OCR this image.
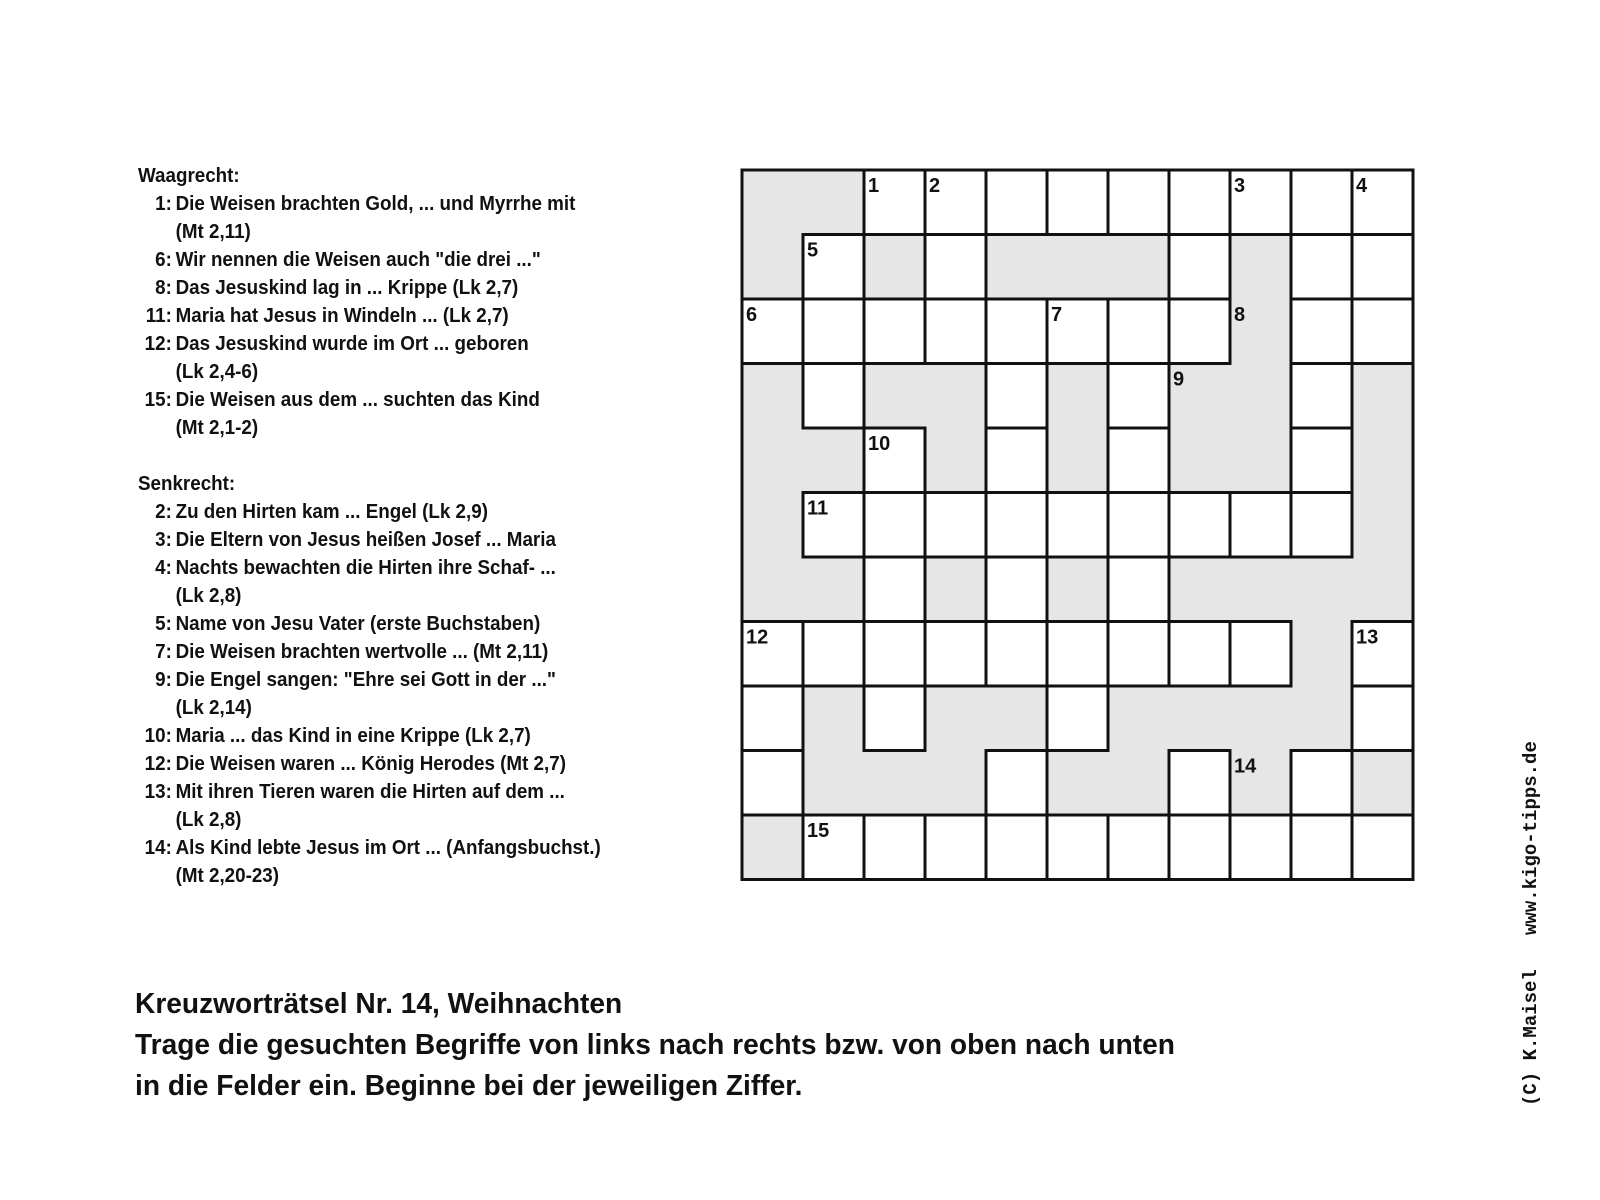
Waagrecht:
1: Die Weisen brachten Gold, ... und Myrrhe mit
(Mt 2,11)
6: Wir nennen die Weisen auch "die drei ..."
8: Das Jesuskind lag in ... Krippe (Lk 2,7)
11: Maria hat Jesus in Windeln ... (Lk 2,7)
12: Das Jesuskind wurde im Ort ... geboren
(Lk 2,4-6)
15: Die Weisen aus dem ... suchten das Kind
(Mt 2,1-2)
Senkrecht:
2: Zu den Hirten kam ... Engel (Lk 2,9)
3: Die Eltern von Jesus heißen Josef ... Maria
4: Nachts bewachten die Hirten ihre Schaf- ...
(Lk 2,8)
5: Name von Jesu Vater (erste Buchstaben)
7: Die Weisen brachten wertvolle ... (Mt 2,11)
9: Die Engel sangen: "Ehre sei Gott in der ..."
(Lk 2,14)
10: Maria ... das Kind in eine Krippe (Lk 2,7)
12: Die Weisen waren ... König Herodes (Mt 2,7)
13: Mit ihren Tieren waren die Hirten auf dem ...
(Lk 2,8)
14: Als Kind lebte Jesus im Ort ... (Anfangsbuchst.)
(Mt 2,20-23)
1 2	3	4
5
6	7	8
9
10
11
12	13
14
15
Kreuzworträtsel Nr. 14, Weihnachten
Trage die gesuchten Begriffe von links nach rechts bzw. von oben nach unten
in die Felder ein. Beginne bei der jeweiligen Ziffer.	(C) K.Maisel   www.kigo-tipps.de
